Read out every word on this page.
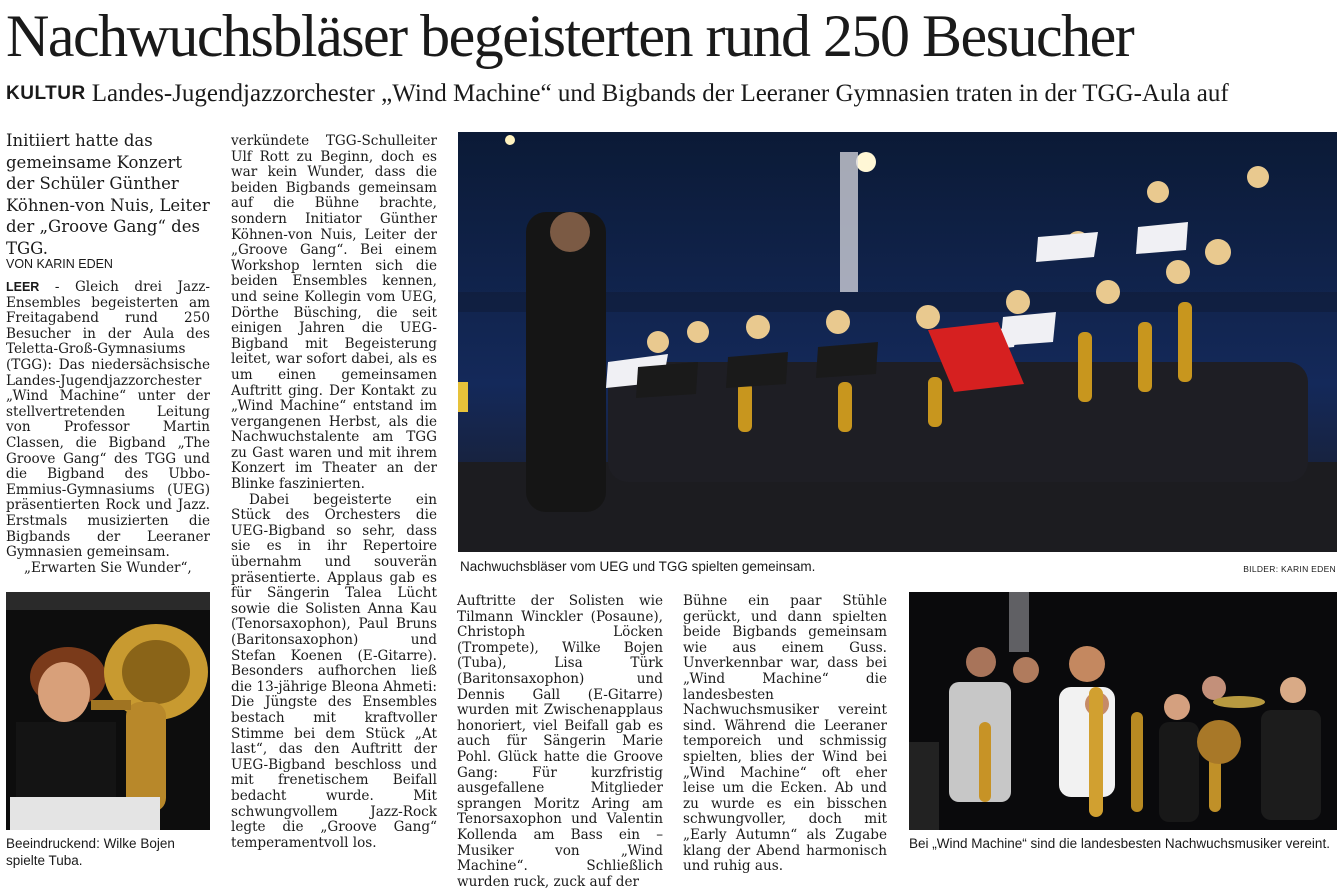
Nachwuchsbläser begeisterten rund 250 Besucher
KULTUR Landes-Jugendjazzorchester „Wind Machine“ und Bigbands der Leeraner Gymnasien traten in der TGG-Aula auf
Initiiert hatte das gemeinsame Konzert der Schüler Günther Köhnen-von Nuis, Leiter der „Groove Gang“ des TGG.
VON KARIN EDEN

LEER - Gleich drei Jazz-Ensembles begeisterten am Freitagabend rund 250 Besucher in der Aula des Teletta-Groß-Gymnasiums (TGG): Das niedersächsische Landes-Jugendjazzorchester „Wind Machine“ unter der stellvertretenden Leitung von Professor Martin Classen, die Bigband „The Groove Gang“ des TGG und die Bigband des Ubbo-Emmius-Gymnasiums (UEG) präsentierten Rock und Jazz. Erstmals musizierten die Bigbands der Leeraner Gymnasien gemeinsam.

„Erwarten Sie Wunder“,

Beeindruckend: Wilke Bojen spielte Tuba.

verkündete TGG-Schulleiter Ulf Rott zu Beginn, doch es war kein Wunder, dass die beiden Bigbands gemeinsam auf die Bühne brachte, sondern Initiator Günther Köhnen-von Nuis, Leiter der „Groove Gang“. Bei einem Workshop lernten sich die beiden Ensembles kennen, und seine Kollegin vom UEG, Dörthe Büsching, die seit einigen Jahren die UEG-Bigband mit Begeisterung leitet, war sofort dabei, als es um einen gemeinsamen Auftritt ging. Der Kontakt zu „Wind Machine“ entstand im vergangenen Herbst, als die Nachwuchstalente am TGG zu Gast waren und mit ihrem Konzert im Theater an der Blinke faszinierten.

Dabei begeisterte ein Stück des Orchesters die UEG-Bigband so sehr, dass sie es in ihr Repertoire übernahm und souverän präsentierte. Applaus gab es für Sängerin Talea Lücht sowie die Solisten Anna Kau (Tenorsaxophon), Paul Bruns (Baritonsaxophon) und Stefan Koenen (E-Gitarre). Besonders aufhorchen ließ die 13-jährige Bleona Ahmeti: Die Jüngste des Ensembles bestach mit kraftvoller Stimme bei dem Stück „At last“, das den Auftritt der UEG-Bigband beschloss und mit frenetischem Beifall bedacht wurde. Mit schwungvollem Jazz-Rock legte die „Groove Gang“ temperamentvoll los.

Nachwuchsbläser vom UEG und TGG spielten gemeinsam.	BILDER: KARIN EDEN

Auftritte der Solisten wie Tilmann Winckler (Posaune), Christoph Löcken (Trompete), Wilke Bojen (Tuba), Lisa Türk (Baritonsaxophon) und Dennis Gall (E-Gitarre) wurden mit Zwischenapplaus honoriert, viel Beifall gab es auch für Sängerin Marie Pohl. Glück hatte die Groove Gang: Für kurzfristig ausgefallene Mitglieder sprangen Moritz Aring am Tenorsaxophon und Valentin Kollenda am Bass ein – Musiker von „Wind Machine“. Schließlich wurden ruck, zuck auf der

Bühne ein paar Stühle gerückt, und dann spielten beide Bigbands gemeinsam wie aus einem Guss. Unverkennbar war, dass bei „Wind Machine“ die landesbesten Nachwuchsmusiker vereint sind. Während die Leeraner temporeich und schmissig spielten, blies der Wind bei „Wind Machine“ oft eher leise um die Ecken. Ab und zu wurde es ein bisschen schwungvoller, doch mit „Early Autumn“ als Zugabe klang der Abend harmonisch und ruhig aus.

Bei „Wind Machine“ sind die landesbesten Nachwuchsmusiker vereint.
